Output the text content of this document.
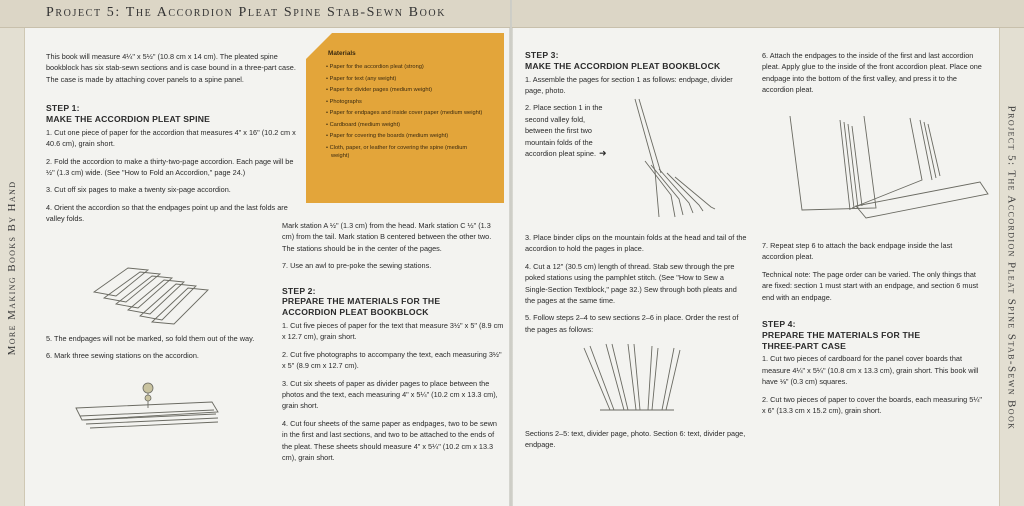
Project 5: The Accordion Pleat Spine Stab-Sewn Book
More Making Books By Hand	Project 5: The Accordion Pleat Spine Stab-Sewn Book

This book will measure 4¼" x 5½" (10.8 cm x 14 cm). The pleated spine bookblock has six stab-sewn sections and is case bound in a three-part case. The case is made by attaching cover panels to a spine panel.

STEP 1:
MAKE THE ACCORDION PLEAT SPINE

1. Cut one piece of paper for the accordion that measures 4" x 16" (10.2 cm x 40.6 cm), grain short.

2. Fold the accordion to make a thirty-two-page accordion. Each page will be ½" (1.3 cm) wide. (See "How to Fold an Accordion," page 24.)

3. Cut off six pages to make a twenty six-page accordion.

4. Orient the accordion so that the endpages point up and the last folds are valley folds.

5. The endpages will not be marked, so fold them out of the way.

6. Mark three sewing stations on the accordion.

Materials
• Paper for the accordion pleat (strong)
• Paper for text (any weight)
• Paper for divider pages (medium weight)
• Photographs
• Paper for endpages and inside cover paper (medium weight)
• Cardboard (medium weight)
• Paper for covering the boards (medium weight)
• Cloth, paper, or leather for covering the spine (medium weight)

Mark station A ½" (1.3 cm) from the head. Mark station C ½" (1.3 cm) from the tail. Mark station B centered between the other two. The stations should be in the center of the pages.

7. Use an awl to pre-poke the sewing stations.

STEP 2:
PREPARE THE MATERIALS FOR THE
ACCORDION PLEAT BOOKBLOCK

1. Cut five pieces of paper for the text that measure 3½" x 5" (8.9 cm x 12.7 cm), grain short.

2. Cut five photographs to accompany the text, each measuring 3½" x 5" (8.9 cm x 12.7 cm).

3. Cut six sheets of paper as divider pages to place between the photos and the text, each measuring 4" x 5¼" (10.2 cm x 13.3 cm), grain short.

4. Cut four sheets of the same paper as endpages, two to be sewn in the first and last sections, and two to be attached to the ends of the pleat. These sheets should measure 4" x 5¼" (10.2 cm x 13.3 cm), grain short.

STEP 3:
MAKE THE ACCORDION PLEAT BOOKBLOCK

1. Assemble the pages for section 1 as follows: endpage, divider page, photo.

2. Place section 1 in the second valley fold, between the first two mountain folds of the accordion pleat spine. ➜

3. Place binder clips on the mountain folds at the head and tail of the accordion to hold the pages in place.

4. Cut a 12" (30.5 cm) length of thread. Stab sew through the pre poked stations using the pamphlet stitch. (See "How to Sew a Single-Section Textblock," page 32.) Sew through both pleats and the pages at the same time.

5. Follow steps 2–4 to sew sections 2–6 in place. Order the rest of the pages as follows:

Sections 2–5: text, divider page, photo. Section 6: text, divider page, endpage.

6. Attach the endpages to the inside of the first and last accordion pleat. Apply glue to the inside of the front accordion pleat. Place one endpage into the bottom of the first valley, and press it to the accordion pleat.

7. Repeat step 6 to attach the back endpage inside the last accordion pleat.

Technical note: The page order can be varied. The only things that are fixed: section 1 must start with an endpage, and section 6 must end with an endpage.

STEP 4:
PREPARE THE MATERIALS FOR THE
THREE-PART CASE

1. Cut two pieces of cardboard for the panel cover boards that measure 4¼" x 5¼" (10.8 cm x 13.3 cm), grain short. This book will have ⅛" (0.3 cm) squares.

2. Cut two pieces of paper to cover the boards, each measuring 5¼" x 6" (13.3 cm x 15.2 cm), grain short.
